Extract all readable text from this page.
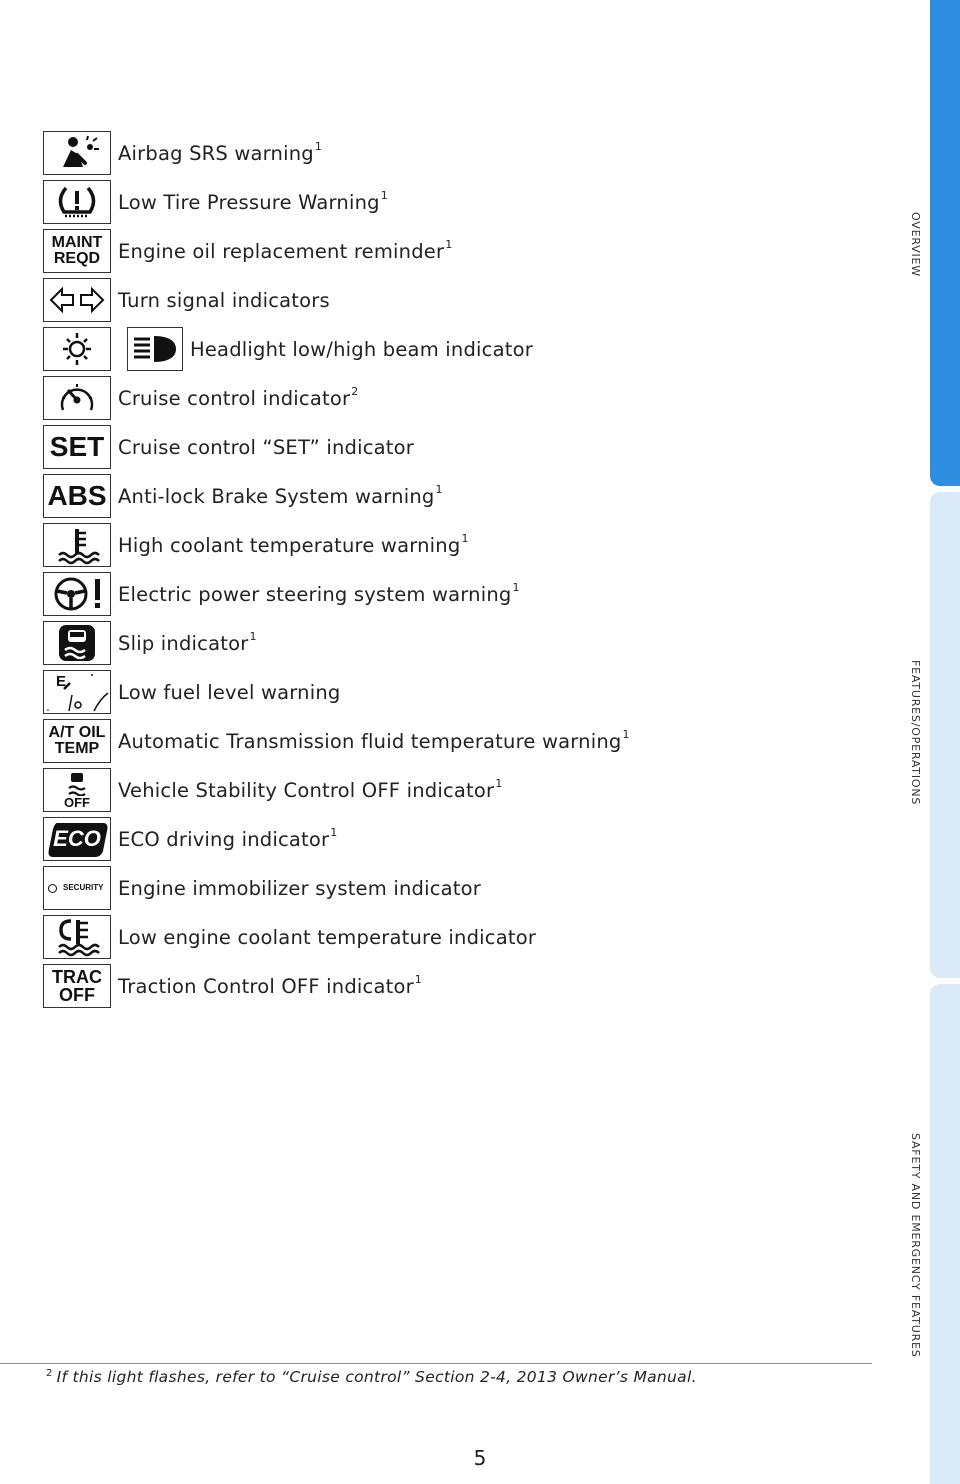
OVERVIEW
FEATURES/OPERATIONS
SAFETY AND EMERGENCY FEATURES
Airbag SRS warning$^1$
Low Tire Pressure Warning$^1$
MAINT
REQD Engine oil replacement reminder$^1$
Turn signal indicators
Headlight low/high beam indicator
Cruise control indicator$^2$
SET Cruise control “SET” indicator
ABS Anti-lock Brake System warning$^1$
High coolant temperature warning$^1$
Electric power steering system warning$^1$
Slip indicator$^1$
E	Low fuel level warning
A/T OIL
TEMP Automatic Transmission fluid temperature warning$^1$
OFF
Vehicle Stability Control OFF indicator$^1$
ECO ECO driving indicator$^1$
SECURITY Engine immobilizer system indicator
Low engine coolant temperature indicator
TRAC
OFF	Traction Control OFF indicator$^1$
$^2$ If this light flashes, refer to “Cruise control” Section 2-4, 2013 Owner’s Manual.
5
